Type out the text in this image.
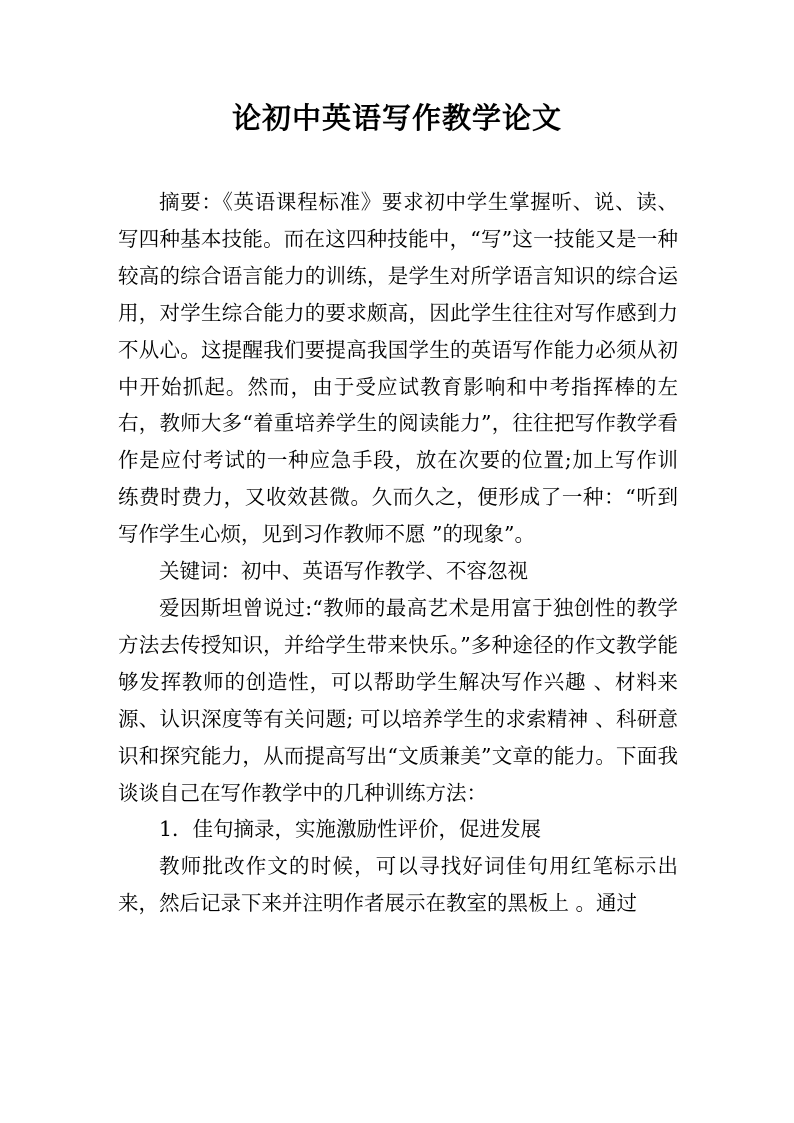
论初中英语写作教学论文

摘要：《英语课程标准》要求初中学生掌握听、说、读、写四种基本技能。而在这四种技能中，“写”这一技能又是一种较高的综合语言能力的训练，是学生对所学语言知识的综合运用，对学生综合能力的要求颇高，因此学生往往对写作感到力不从心。这提醒我们要提高我国学生的英语写作能力必须从初中开始抓起。然而，由于受应试教育影响和中考指挥棒的左右，教师大多“着重培养学生的阅读能力”，往往把写作教学看作是应付考试的一种应急手段，放在次要的位置;加上写作训练费时费力，又收效甚微。久而久之，便形成了一种：“听到写作学生心烦，见到习作教师不愿 ”的现象”。

关键词：初中、英语写作教学、不容忽视

爱因斯坦曾说过:“教师的最高艺术是用富于独创性的教学方法去传授知识，并给学生带来快乐。”多种途径的作文教学能够发挥教师的创造性，可以帮助学生解决写作兴趣 、材料来源、认识深度等有关问题; 可以培养学生的求索精神 、科研意识和探究能力，从而提高写出“文质兼美”文章的能力。下面我谈谈自己在写作教学中的几种训练方法：

1．佳句摘录，实施激励性评价，促进发展

教师批改作文的时候，可以寻找好词佳句用红笔标示出来，然后记录下来并注明作者展示在教室的黑板上 。通过
